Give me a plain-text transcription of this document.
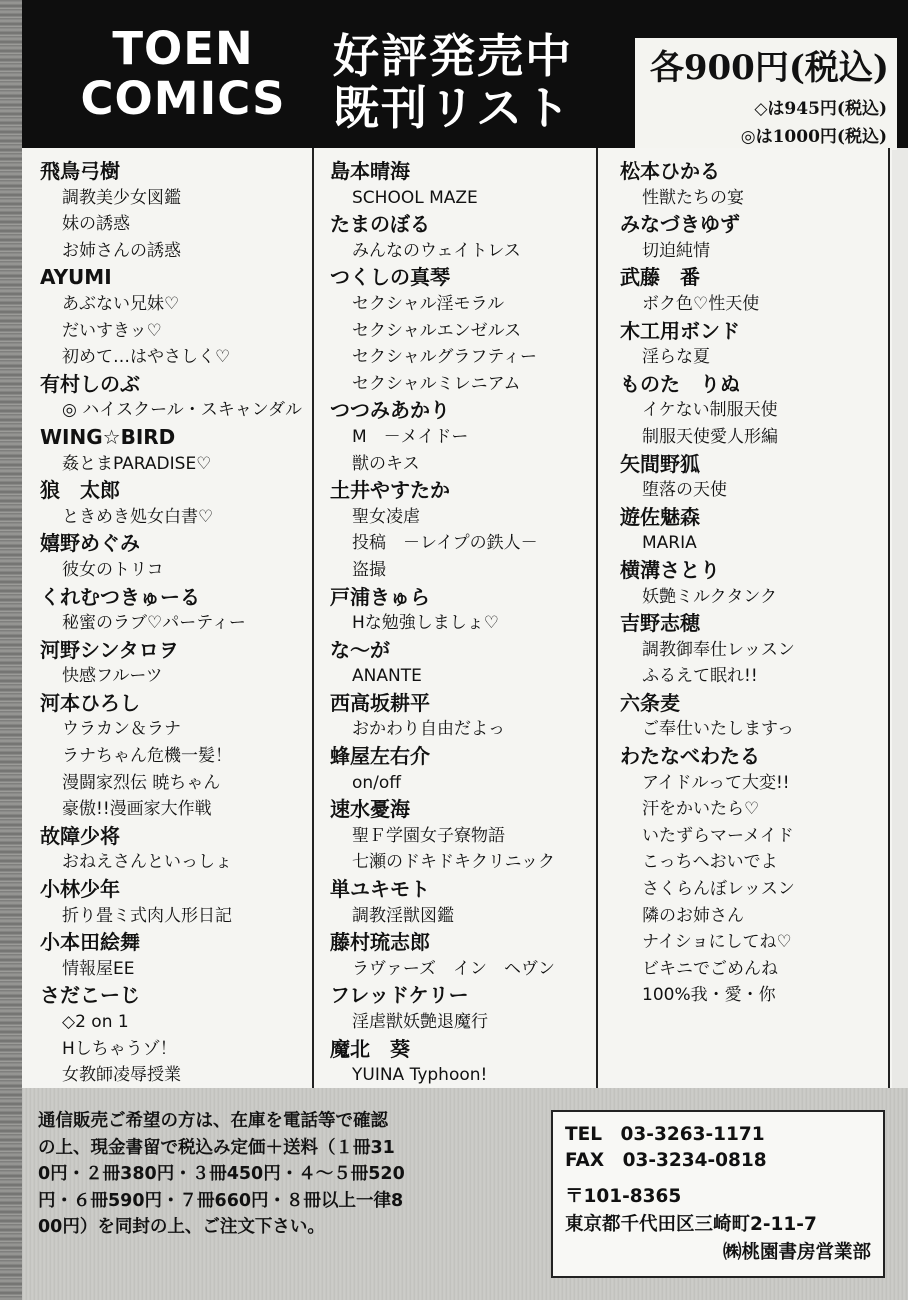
TOEN
COMICS
好評発売中
既刊リスト
各900円(税込)
◇は945円(税込)
◎は1000円(税込)
飛鳥弓樹
調教美少女図鑑
妹の誘惑
お姉さんの誘惑
AYUMI
あぶない兄妹♡
だいすきッ♡
初めて…はやさしく♡
有村しのぶ
◎ ハイスクール・スキャンダル
WING☆BIRD
姦とまPARADISE♡
狼　太郎
ときめき処女白書♡
嬉野めぐみ
彼女のトリコ
くれむつきゅーる
秘蜜のラブ♡パーティー
河野シンタロヲ
快感フルーツ
河本ひろし
ウラカン＆ラナ
ラナちゃん危機一髪！
漫闘家烈伝 暁ちゃん
豪傲!!漫画家大作戦
故障少将
おねえさんといっしょ
小林少年
折り畳ミ式肉人形日記
小本田絵舞
情報屋EE
さだこーじ
◇2 on 1
Hしちゃうゾ！
女教師凌辱授業
島本晴海
SCHOOL MAZE
たまのぼる
みんなのウェイトレス
つくしの真琴
セクシャル淫モラル
セクシャルエンゼルス
セクシャルグラフティー
セクシャルミレニアム
つつみあかり
M　－メイドー
獣のキス
土井やすたか
聖女凌虐
投稿　－レイプの鉄人－
盗撮
戸浦きゅら
Hな勉強しましょ♡
な～が
ANANTE
西高坂耕平
おかわり自由だよっ
蜂屋左右介
on/off
速水憂海
聖Ｆ学園女子寮物語
七瀬のドキドキクリニック
単ユキモト
調教淫獣図鑑
藤村琉志郎
ラヴァーズ　イン　ヘヴン
フレッドケリー
淫虐獣妖艶退魔行
魔北　葵
YUINA Typhoon!
松本ひかる
性獣たちの宴
みなづきゆず
切迫純情
武藤　番
ボク色♡性天使
木工用ボンド
淫らな夏
ものた　りぬ
イケない制服天使
制服天使愛人形編
矢間野狐
堕落の天使
遊佐魅森
MARIA
横溝さとり
妖艶ミルクタンク
吉野志穂
調教御奉仕レッスン
ふるえて眠れ!!
六条麦
ご奉仕いたしますっ
わたなべわたる
アイドルって大変!!
汗をかいたら♡
いたずらマーメイド
こっちへおいでよ
さくらんぼレッスン
隣のお姉さん
ナイショにしてね♡
ビキニでごめんね
100%我・愛・你
通信販売ご希望の方は、在庫を電話等で確認
の上、現金書留で税込み定価＋送料（１冊31
0円・２冊380円・３冊450円・４～５冊520
円・６冊590円・７冊660円・８冊以上一律8
00円）を同封の上、ご注文下さい。
TEL　03-3263-1171
FAX　03-3234-0818
〒101-8365
東京都千代田区三崎町2-11-7
㈱桃園書房営業部
